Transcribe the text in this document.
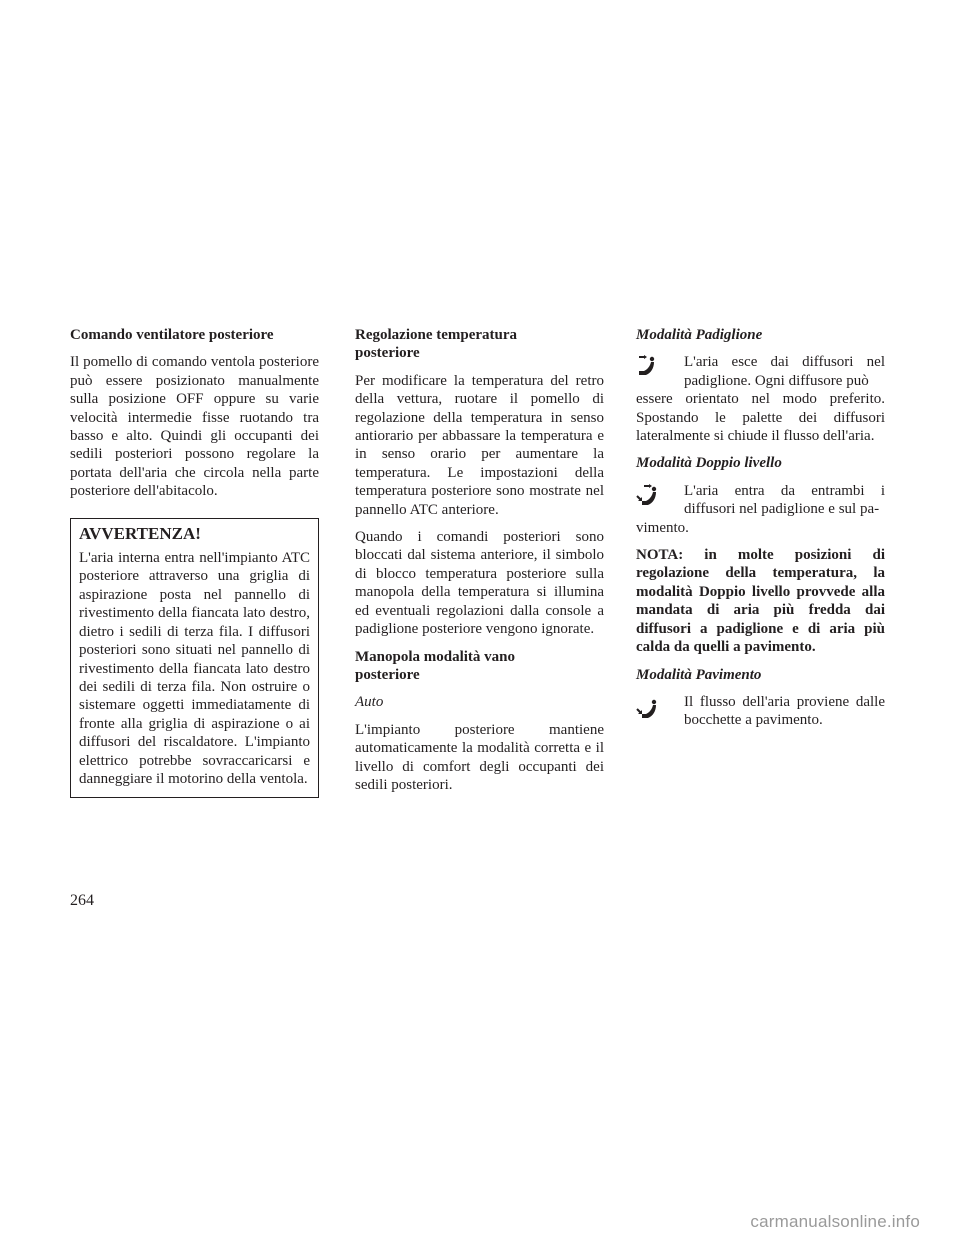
Comando ventilatore posteriore

Il pomello di comando ventola posteriore può essere posizionato manualmente sulla posizione OFF oppure su varie velocità intermedie fisse ruotando tra basso e alto. Quindi gli occupanti dei sedili posteriori possono regolare la portata dell'aria che circola nella parte posteriore dell'abitacolo.

AVVERTENZA!

L'aria interna entra nell'impianto ATC posteriore attraverso una griglia di aspirazione posta nel pannello di rivestimento della fiancata lato destro, dietro i sedili di terza fila. I diffusori posteriori sono situati nel pannello di rivestimento della fiancata lato destro dei sedili di terza fila. Non ostruire o sistemare oggetti immediatamente di fronte alla griglia di aspirazione o ai diffusori del riscaldatore. L'impianto elettrico potrebbe sovraccaricarsi e danneggiare il motorino della ventola.

Regolazione temperatura posteriore

Per modificare la temperatura del retro della vettura, ruotare il pomello di regolazione della temperatura in senso antiorario per abbassare la temperatura e in senso orario per aumentare la temperatura. Le impostazioni della temperatura posteriore sono mostrate nel pannello ATC anteriore.

Quando i comandi posteriori sono bloccati dal sistema anteriore, il simbolo di blocco temperatura posteriore sulla manopola della temperatura si illumina ed eventuali regolazioni dalla console a padiglione posteriore vengono ignorate.

Manopola modalità vano posteriore

Auto

L'impianto posteriore mantiene automaticamente la modalità corretta e il livello di comfort degli occupanti dei sedili posteriori.

Modalità Padiglione

L'aria esce dai diffusori nel padiglione. Ogni diffusore può

essere orientato nel modo preferito. Spostando le palette dei diffusori lateralmente si chiude il flusso dell'aria.

Modalità Doppio livello

L'aria entra da entrambi i diffusori nel padiglione e sul pa-

vimento.

NOTA: in molte posizioni di regolazione della temperatura, la modalità Doppio livello provvede alla mandata di aria più fredda dai diffusori a padiglione e di aria più calda da quelli a pavimento.

Modalità Pavimento

Il flusso dell'aria proviene dalle bocchette a pavimento.

264
carmanualsonline.info
